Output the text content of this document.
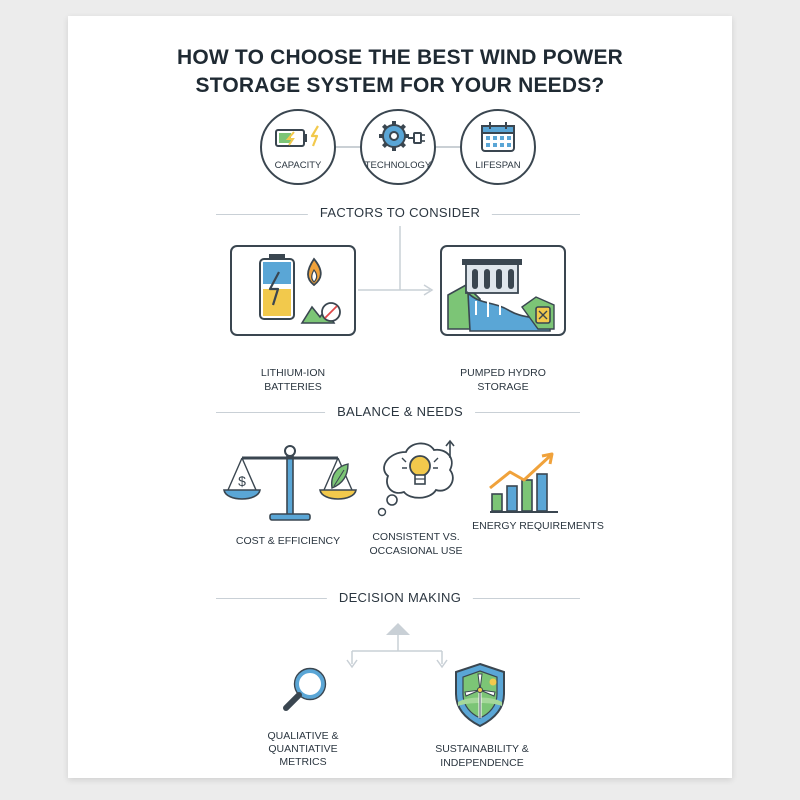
HOW TO CHOOSE THE BEST WIND POWER
STORAGE SYSTEM FOR YOUR NEEDS?
CAPACITY	TECHNOLOGY	LIFESPAN
FACTORS TO CONSIDER
LITHIUM-ION
BATTERIES
PUMPED HYDRO
STORAGE
BALANCE & NEEDS
$
COST & EFFICIENCY	CONSISTENT VS.
OCCASIONAL USE
ENERGY REQUIREMENTS
DECISION MAKING
QUALIATIVE &
QUANTIATIVE
METRICS
SUSTAINABILITY &
INDEPENDENCE
